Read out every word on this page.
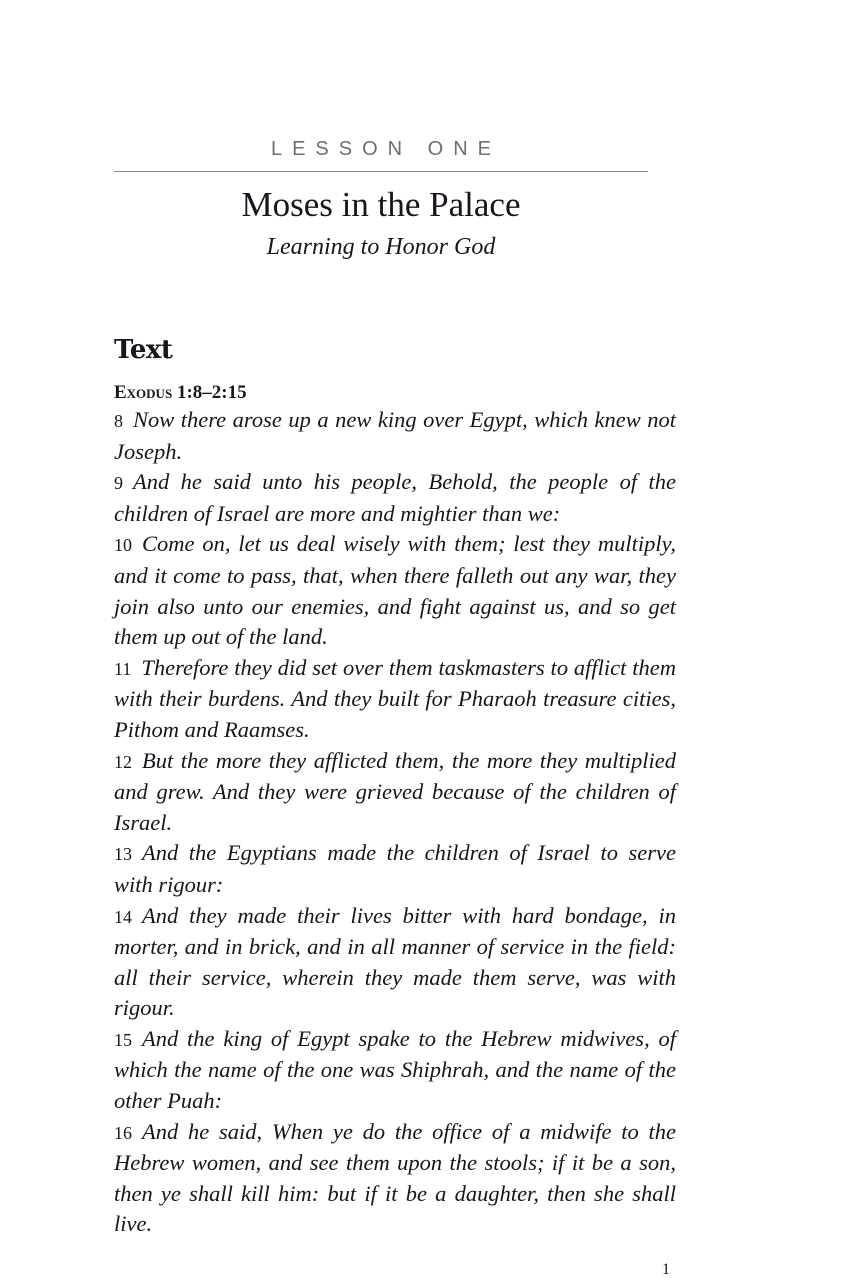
LESSON ONE
Moses in the Palace
Learning to Honor God
Text
Exodus 1:8–2:15

8 Now there arose up a new king over Egypt, which knew not Joseph.

9 And he said unto his people, Behold, the people of the children of Israel are more and mightier than we:

10 Come on, let us deal wisely with them; lest they multiply, and it come to pass, that, when there falleth out any war, they join also unto our enemies, and fight against us, and so get them up out of the land.

11 Therefore they did set over them taskmasters to afflict them with their burdens. And they built for Pharaoh treasure cities, Pithom and Raamses.

12 But the more they afflicted them, the more they multiplied and grew. And they were grieved because of the children of Israel.

13 And the Egyptians made the children of Israel to serve with rigour:

14 And they made their lives bitter with hard bondage, in morter, and in brick, and in all manner of service in the field: all their service, wherein they made them serve, was with rigour.

15 And the king of Egypt spake to the Hebrew midwives, of which the name of the one was Shiphrah, and the name of the other Puah:

16 And he said, When ye do the office of a midwife to the Hebrew women, and see them upon the stools; if it be a son, then ye shall kill him: but if it be a daughter, then she shall live.

1
